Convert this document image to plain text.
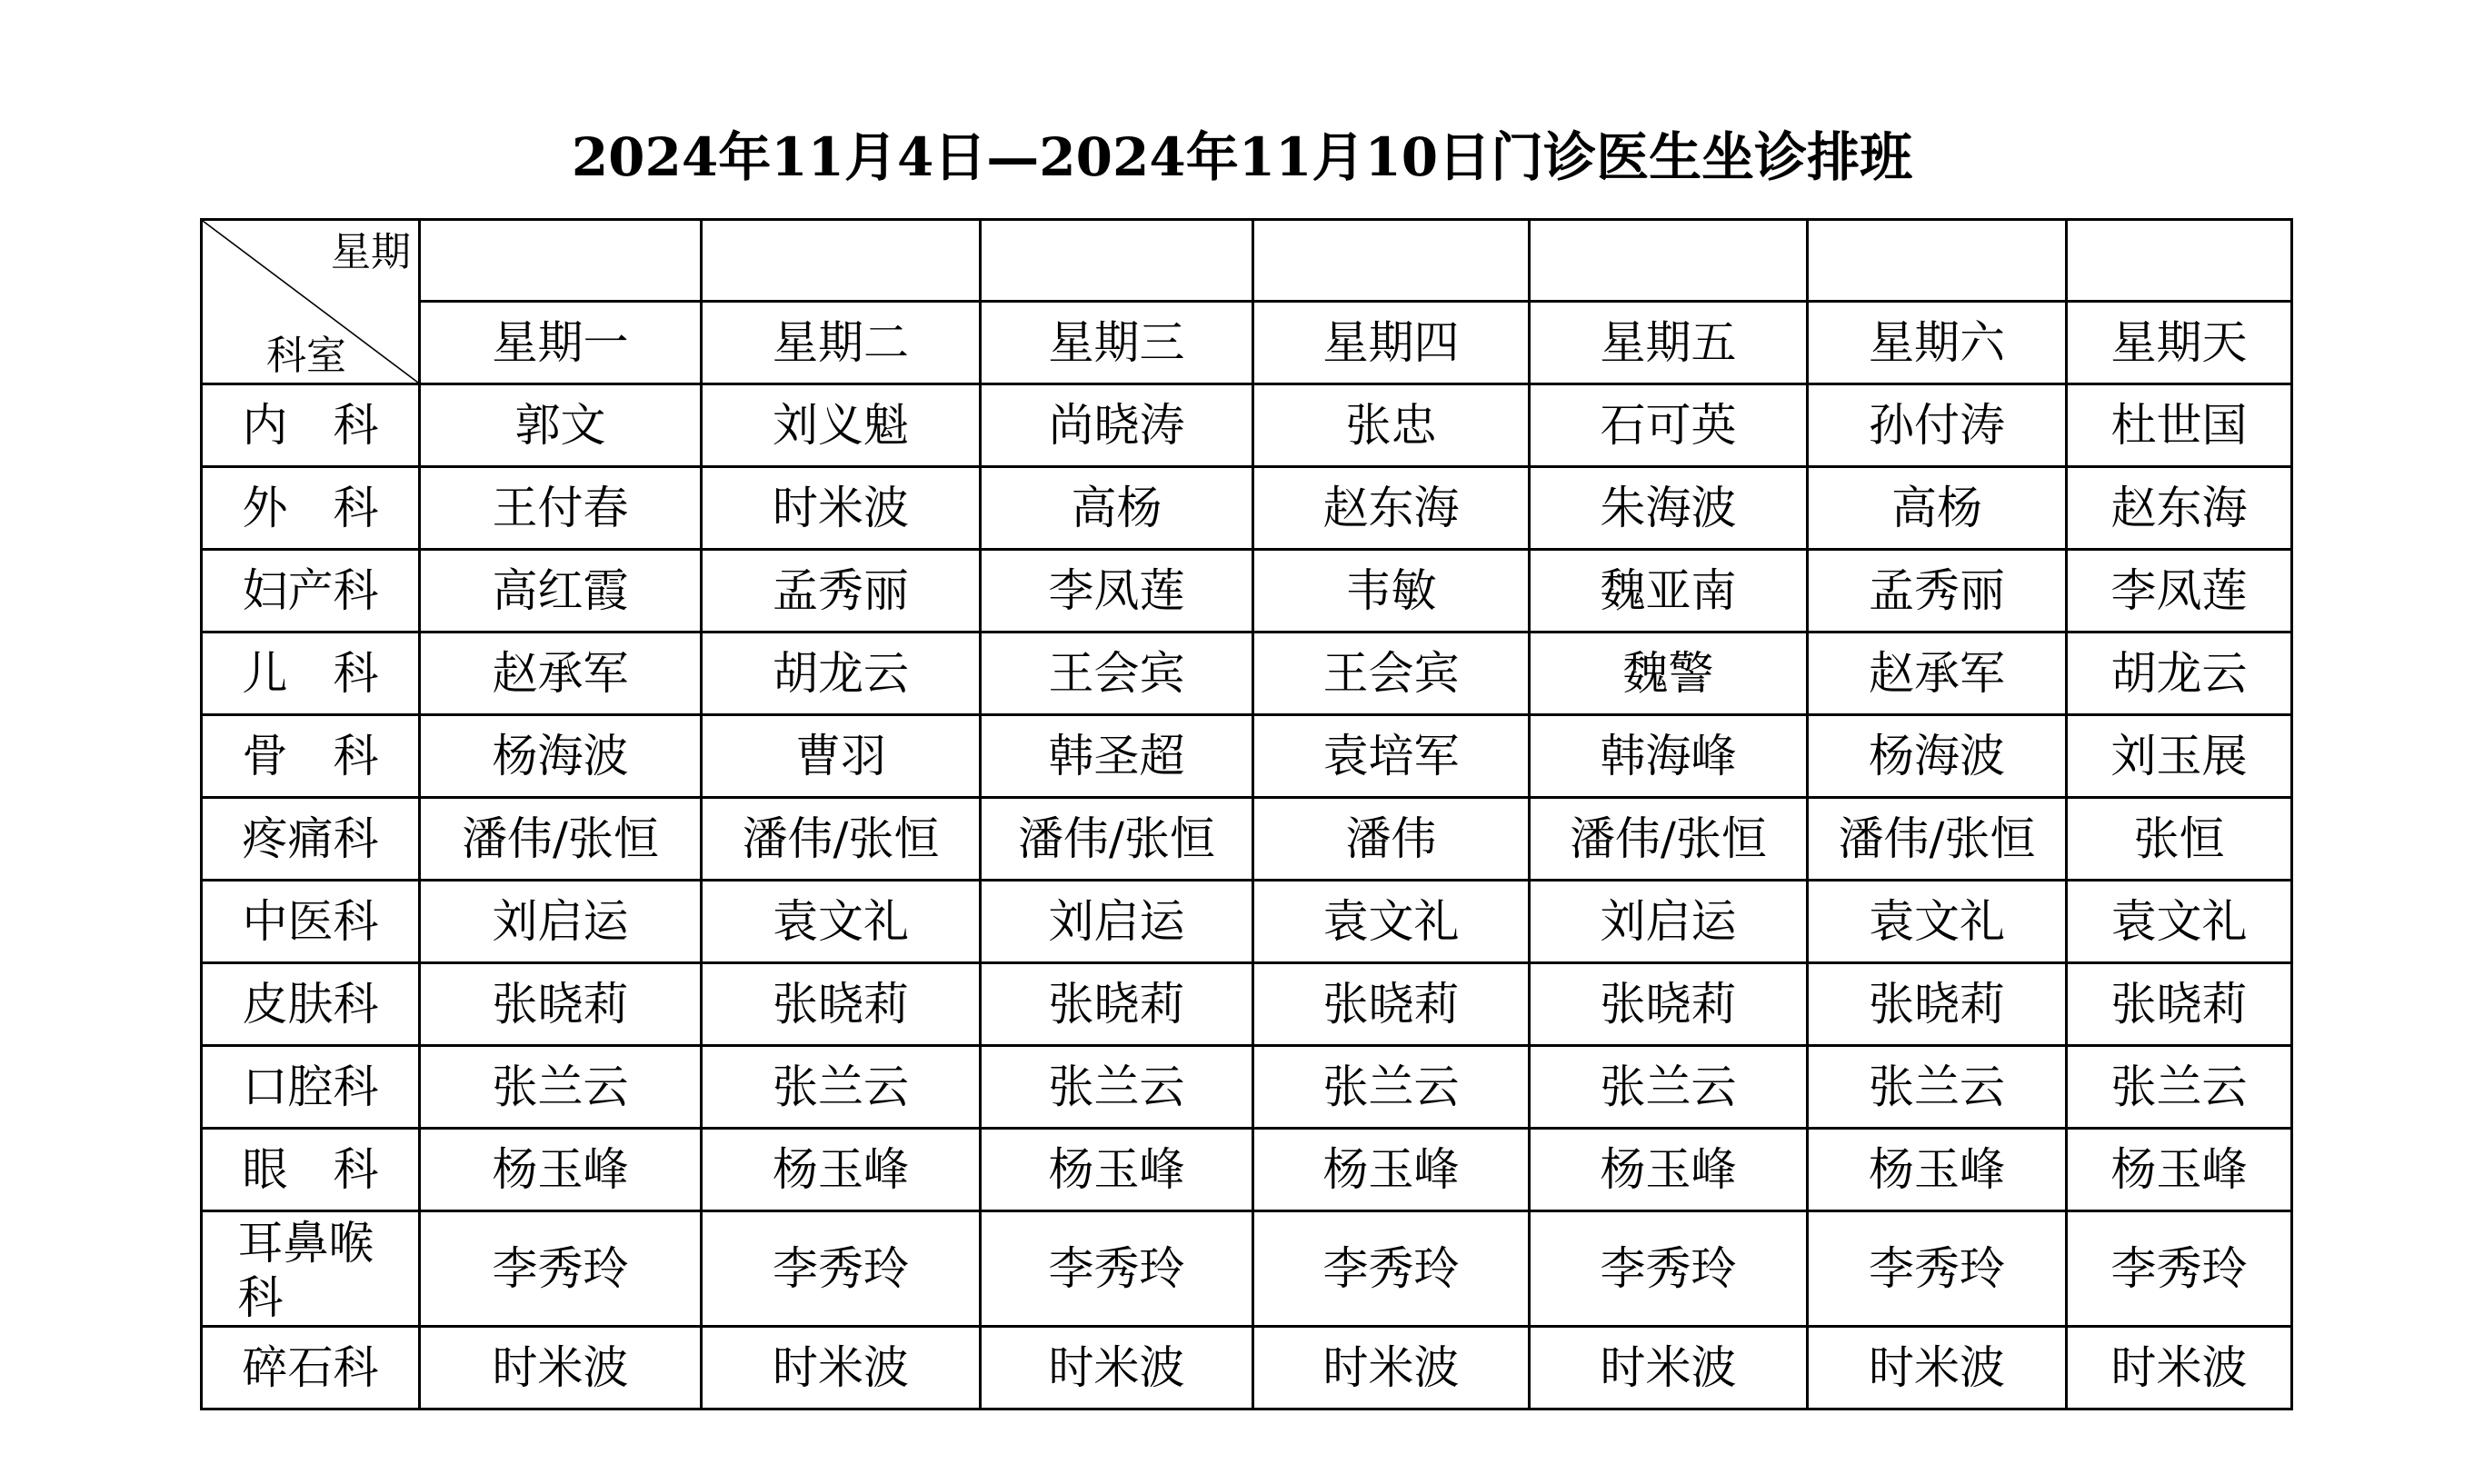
2024年11月4日—2024年11月10日门诊医生坐诊排班
星期
科室							

	星期一	星期二	星期三	星期四	星期五	星期六	星期天
内　科	郭文	刘义魁	尚晓涛	张忠	石可英	孙付涛	杜世国
外　科	王付春	时米波	高杨	赵东海	朱海波	高杨	赵东海
妇产科	高红霞	孟秀丽	李凤莲	韦敏	魏亚南	孟秀丽	李凤莲
儿　科	赵承军	胡龙云	王会宾	王会宾	魏警	赵承军	胡龙云
骨　科	杨海波	曹羽	韩圣超	袁培军	韩海峰	杨海波	刘玉展
疼痛科	潘伟/张恒	潘伟/张恒	潘伟/张恒	潘伟	潘伟/张恒	潘伟/张恒	张恒
中医科	刘启运	袁文礼	刘启运	袁文礼	刘启运	袁文礼	袁文礼
皮肤科	张晓莉	张晓莉	张晓莉	张晓莉	张晓莉	张晓莉	张晓莉
口腔科	张兰云	张兰云	张兰云	张兰云	张兰云	张兰云	张兰云
眼　科	杨玉峰	杨玉峰	杨玉峰	杨玉峰	杨玉峰	杨玉峰	杨玉峰
耳鼻喉科	李秀玲	李秀玲	李秀玲	李秀玲	李秀玲	李秀玲	李秀玲
碎石科	时米波	时米波	时米波	时米波	时米波	时米波	时米波
